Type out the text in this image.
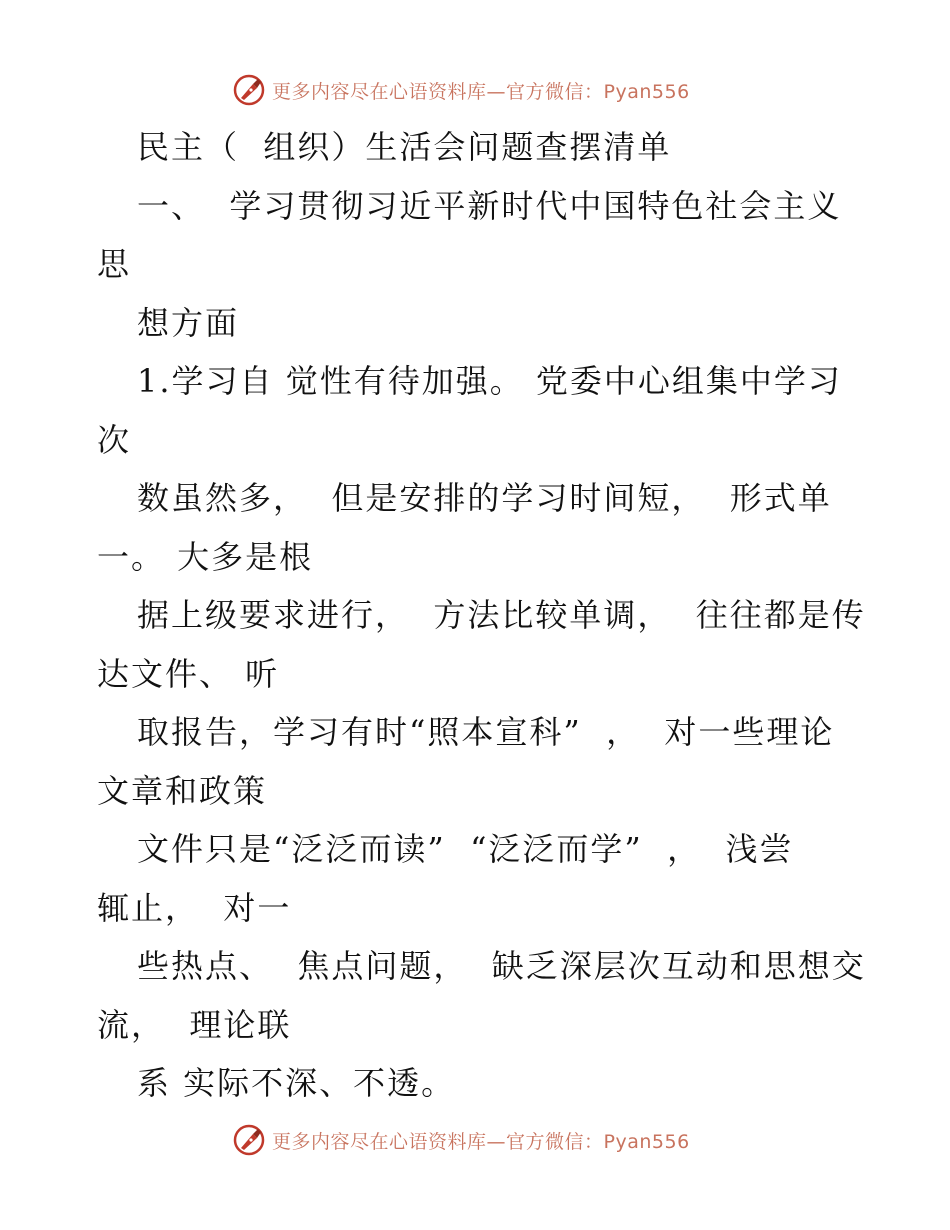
更多内容尽在心语资料库—官方微信：Pyan556
民主（  组织）生活会问题查摆清单
一、  学习贯彻习近平新时代中国特色社会主义
思
想方面
1.学习自 觉性有待加强。 党委中心组集中学习
次
数虽然多，  但是安排的学习时间短，  形式单
一。 大多是根
据上级要求进行，  方法比较单调，  往往都是传
达文件、 听
取报告，学习有时“照本宣科”  ，  对一些理论
文章和政策
文件只是“泛泛而读”  “泛泛而学”  ，  浅尝
辄止，  对一
些热点、  焦点问题，  缺乏深层次互动和思想交
流，  理论联
系 实际不深、不透。
更多内容尽在心语资料库—官方微信：Pyan556
